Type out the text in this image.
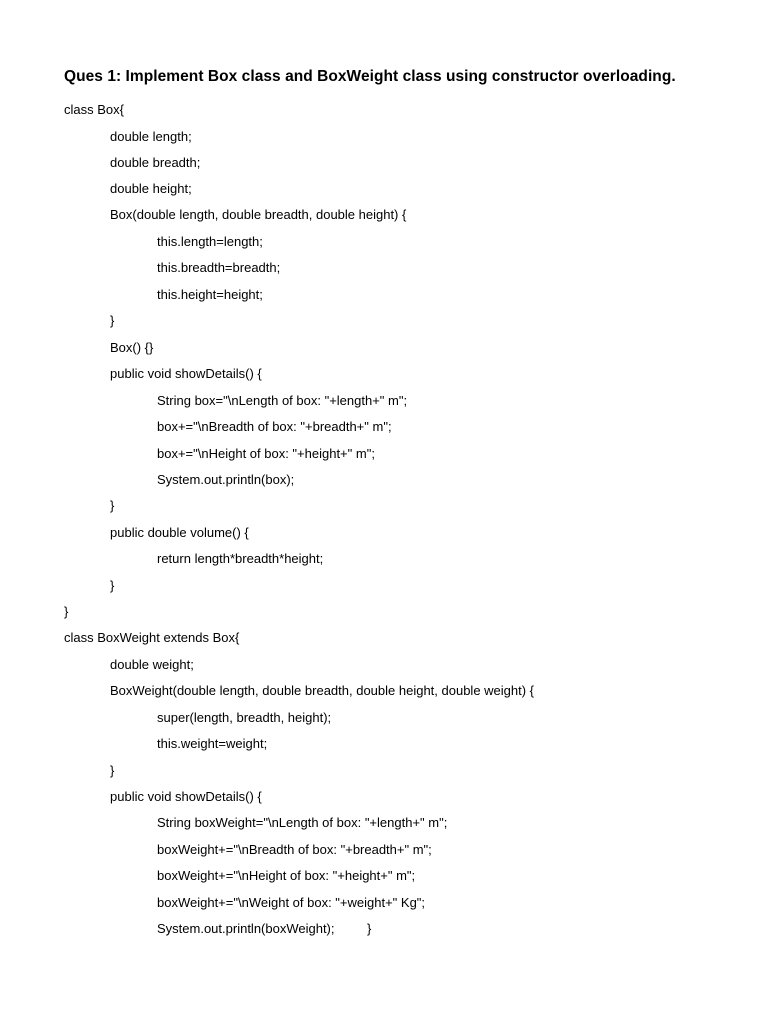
Ques 1: Implement Box class and BoxWeight class using constructor overloading.
class Box{
double length;
double breadth;
double height;
Box(double length, double breadth, double height) {
this.length=length;
this.breadth=breadth;
this.height=height;
}
Box() {}
public void showDetails() {
String box="\nLength of box: "+length+" m";
box+="\nBreadth of box: "+breadth+" m";
box+="\nHeight of box: "+height+" m";
System.out.println(box);
}
public double volume() {
return length*breadth*height;
}
}
class BoxWeight extends Box{
double weight;
BoxWeight(double length, double breadth, double height, double weight) {
super(length, breadth, height);
this.weight=weight;
}
public void showDetails() {
String boxWeight="\nLength of box: "+length+" m";
boxWeight+="\nBreadth of box: "+breadth+" m";
boxWeight+="\nHeight of box: "+height+" m";
boxWeight+="\nWeight of box: "+weight+" Kg";
System.out.println(boxWeight);         }
